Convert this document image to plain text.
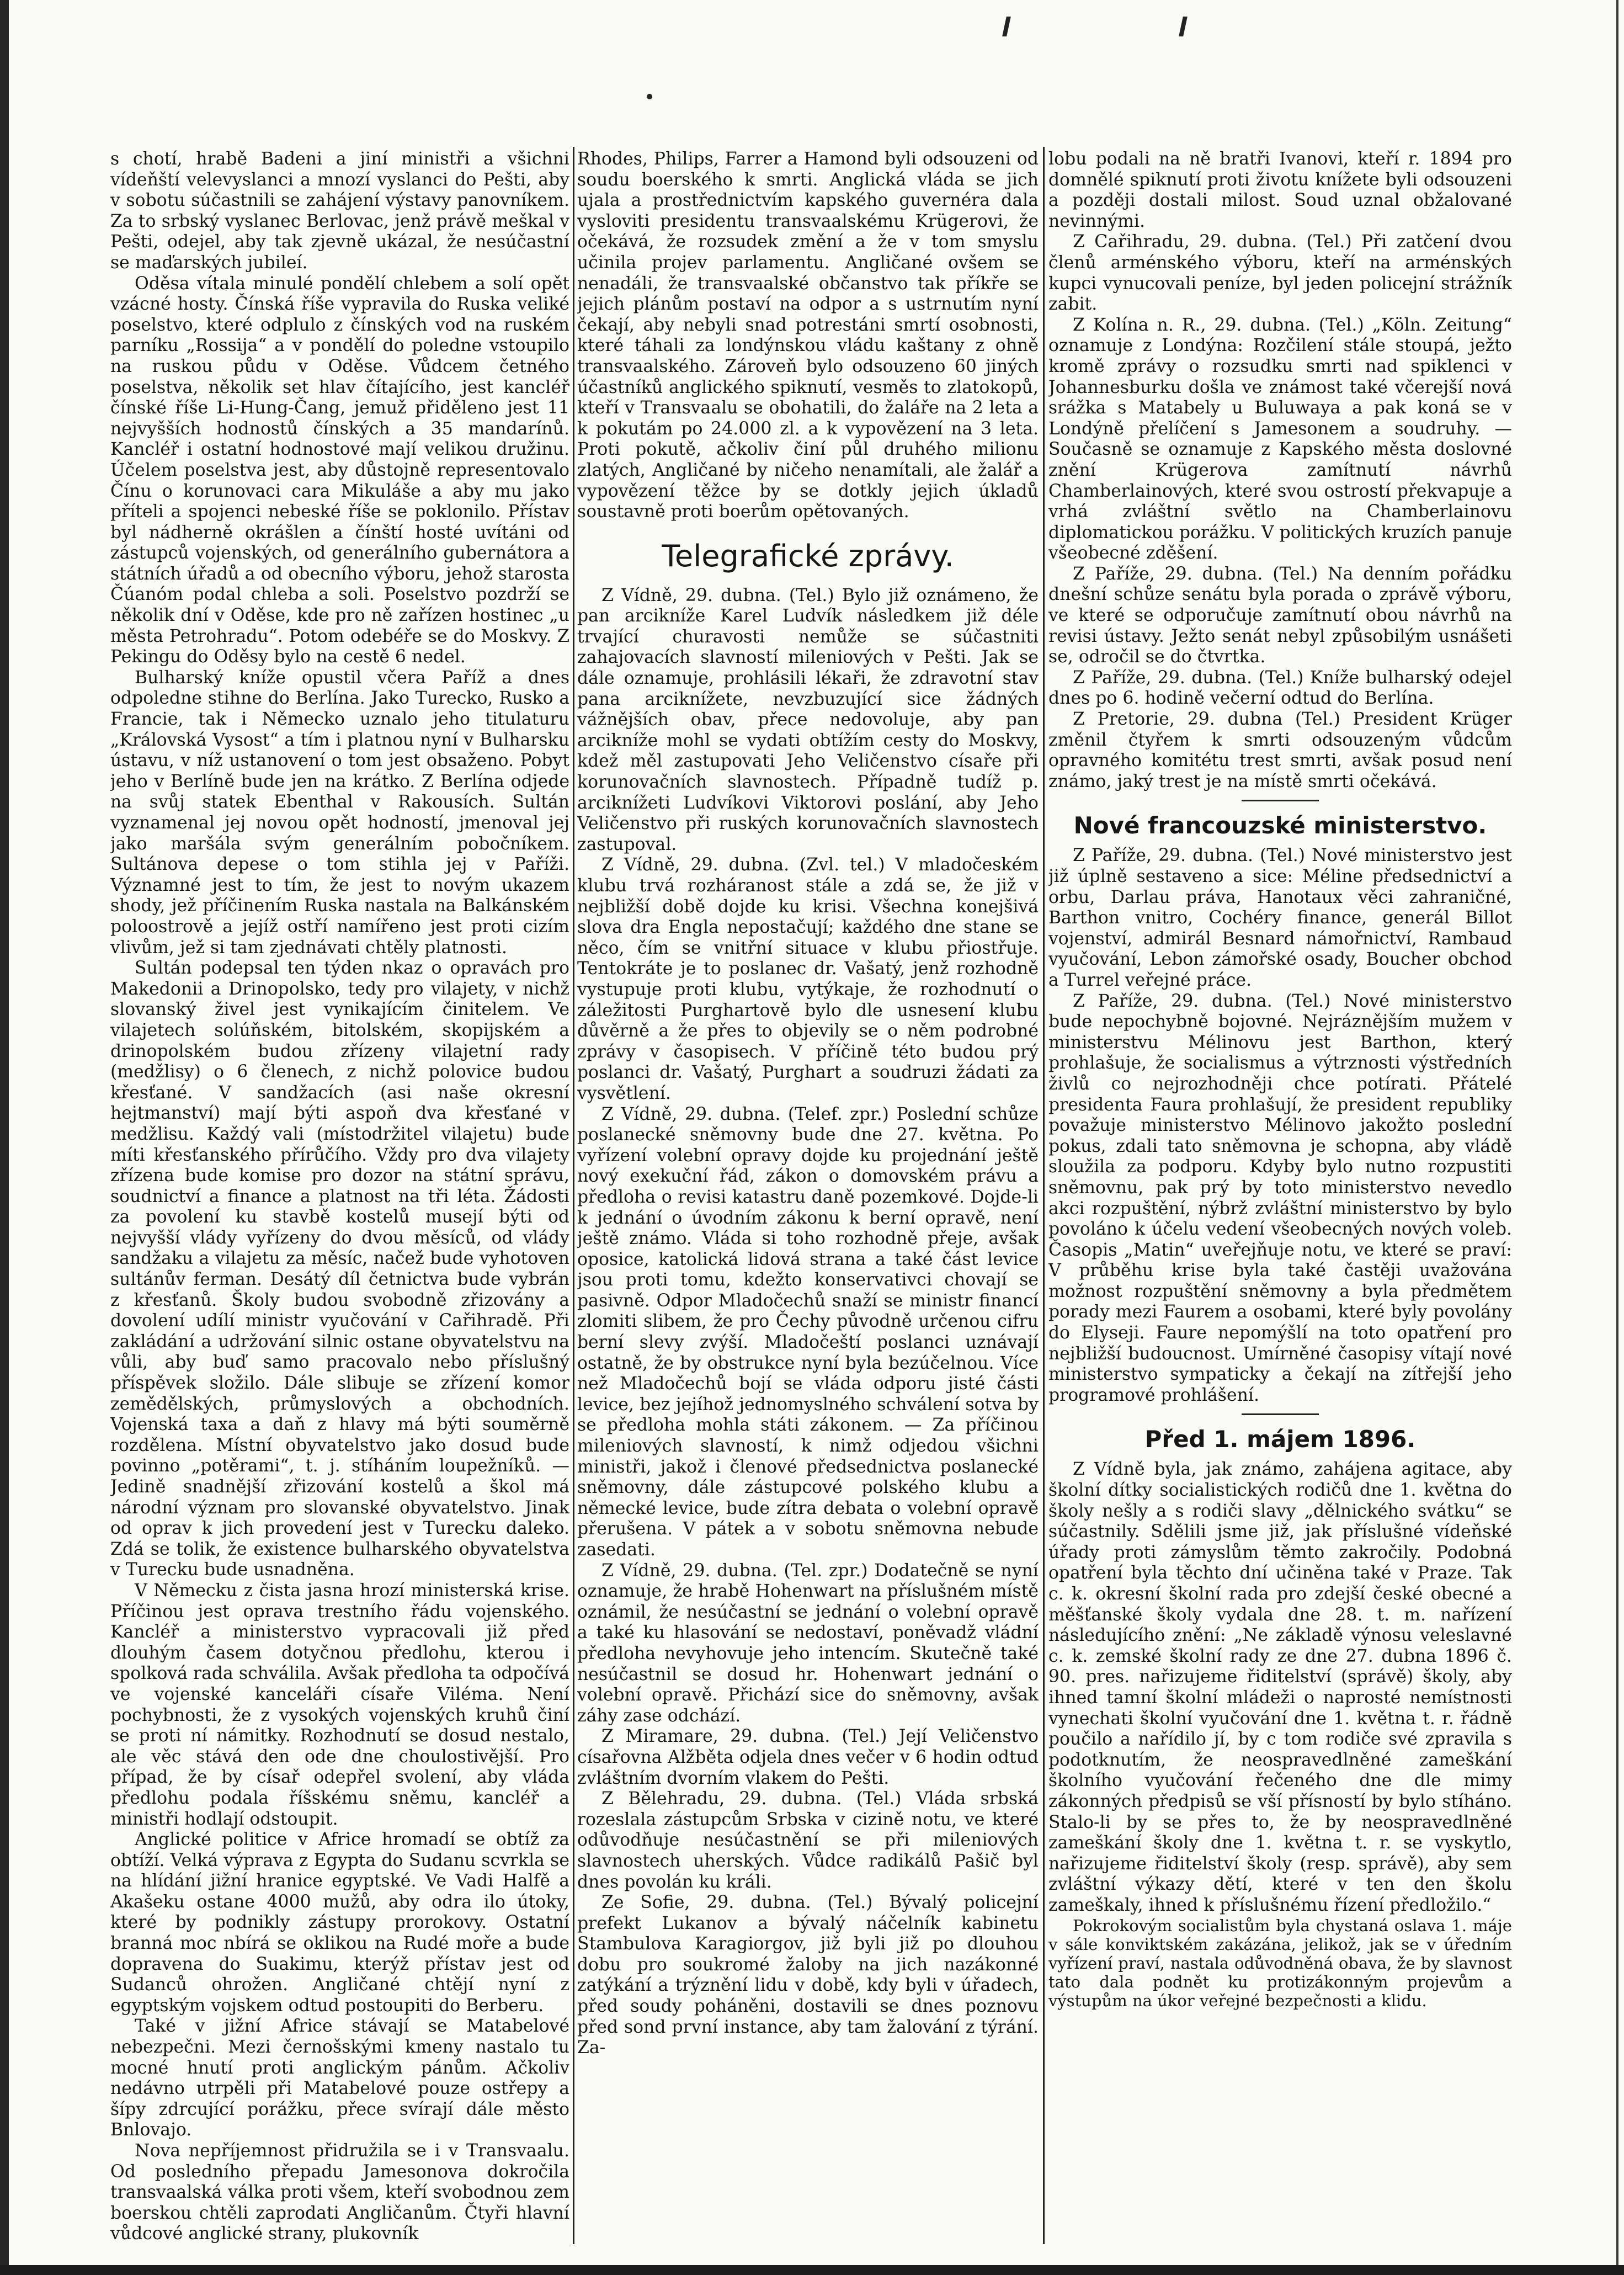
s chotí, hrabě Badeni a jiní ministři a všichni vídeňští velevyslanci a mnozí vyslanci do Pešti, aby v sobotu súčastnili se zahájení výstavy panovníkem. Za to srbský vyslanec Berlovac, jenž právě meškal v Pešti, odejel, aby tak zjevně ukázal, že nesúčastní se maďarských jubileí.

Oděsa vítala minulé pondělí chlebem a solí opět vzácné hosty. Čínská říše vypravila do Ruska veliké poselstvo, které odplulo z čínských vod na ruském parníku „Rossija“ a v pondělí do poledne vstoupilo na ruskou půdu v Oděse. Vůdcem četného poselstva, několik set hlav čítajícího, jest kancléř čínské říše Li-Hung-Čang, jemuž přiděleno jest 11 nejvyšších hodnostů čínských a 35 mandarínů. Kancléř i ostatní hodnostové mají velikou družinu. Účelem poselstva jest, aby důstojně representovalo Čínu o korunovaci cara Mikuláše a aby mu jako příteli a spojenci nebeské říše se poklonilo. Přístav byl nádherně okrášlen a čínští hosté uvítáni od zástupců vojenských, od generálního gubernátora a státních úřadů a od obecního výboru, jehož starosta Čúanóm podal chleba a soli. Poselstvo pozdrží se několik dní v Oděse, kde pro ně zařízen hostinec „u města Petrohradu“. Potom odebéře se do Moskvy. Z Pekingu do Oděsy bylo na cestě 6 nedel.

Bulharský kníže opustil včera Paříž a dnes odpoledne stihne do Berlína. Jako Turecko, Rusko a Francie, tak i Německo uznalo jeho titulaturu „Královská Vysost“ a tím i platnou nyní v Bulharsku ústavu, v níž ustanovení o tom jest obsaženo. Pobyt jeho v Berlíně bude jen na krátko. Z Berlína odjede na svůj statek Ebenthal v Rakousích. Sultán vyznamenal jej novou opět hodností, jmenoval jej jako maršála svým generálním pobočníkem. Sultánova depese o tom stihla jej v Paříži. Významné jest to tím, že jest to novým ukazem shody, jež příčinením Ruska nastala na Balkánském poloostrově a jejíž ostří namířeno jest proti cizím vlivům, jež si tam zjednávati chtěly platnosti.

Sultán podepsal ten týden nkaz o opravách pro Makedonii a Drinopolsko, tedy pro vilajety, v nichž slovanský živel jest vynikajícím činitelem. Ve vilajetech solúňském, bitolském, skopijském a drinopolském budou zřízeny vilajetní rady (medžlisy) o 6 členech, z nichž polovice budou křesťané. V sandžacích (asi naše okresní hejtmanství) mají býti aspoň dva křesťané v medžlisu. Každý vali (místodržitel vilajetu) bude míti křesťanského přírůčího. Vždy pro dva vilajety zřízena bude komise pro dozor na státní správu, soudnictví a finance a platnost na tři léta. Žádosti za povolení ku stavbě kostelů musejí býti od nejvyšší vlády vyřízeny do dvou měsíců, od vlády sandžaku a vilajetu za měsíc, načež bude vyhotoven sultánův ferman. Desátý díl četnictva bude vybrán z křesťanů. Školy budou svobodně zřizovány a dovolení udílí ministr vyučování v Cařihradě. Při zakládání a udržování silnic ostane obyvatelstvu na vůli, aby buď samo pracovalo nebo příslušný příspěvek složilo. Dále slibuje se zřízení komor zemědělských, průmyslových a obchodních. Vojenská taxa a daň z hlavy má býti souměrně rozdělena. Místní obyvatelstvo jako dosud bude povinno „potěrami“, t. j. stíháním loupežníků. — Jedině snadnější zřizování kostelů a škol má národní význam pro slovanské obyvatelstvo. Jinak od oprav k jich provedení jest v Turecku daleko. Zdá se tolik, že existence bulharského obyvatelstva v Turecku bude usnadněna.

V Německu z čista jasna hrozí ministerská krise. Příčinou jest oprava trestního řádu vojenského. Kancléř a ministerstvo vypracovali již před dlouhým časem dotyčnou předlohu, kterou i spolková rada schválila. Avšak předloha ta odpočívá ve vojenské kanceláři císaře Viléma. Není pochybnosti, že z vysokých vojenských kruhů činí se proti ní námitky. Rozhodnutí se dosud nestalo, ale věc stává den ode dne choulostivější. Pro případ, že by císař odepřel svolení, aby vláda předlohu podala říšskému sněmu, kancléř a ministři hodlají odstoupit.

Anglické politice v Africe hromadí se obtíž za obtíží. Velká výprava z Egypta do Sudanu scvrkla se na hlídání jižní hranice egyptské. Ve Vadi Halfě a Akašeku ostane 4000 mužů, aby odra ilo útoky, které by podnikly zástupy prorokovy. Ostatní branná moc nbírá se oklikou na Rudé moře a bude dopravena do Suakimu, kterýž přístav jest od Sudanců ohrožen. Angličané chtějí nyní z egyptským vojskem odtud postoupiti do Berberu.

Také v jižní Africe stávají se Matabelové nebezpečni. Mezi černošskými kmeny nastalo tu mocné hnutí proti anglickým pánům. Ačkoliv nedávno utrpěli při Matabelové pouze ostřepy a šípy zdrcující porážku, přece svírají dále město Bnlovajo.

Nova nepříjemnost přidružila se i v Transvaalu. Od posledního přepadu Jamesonova dokročila transvaalská válka proti všem, kteří svobodnou zem boerskou chtěli zaprodati Angličanům. Čtyři hlavní vůdcové anglické strany, plukovník

Rhodes, Philips, Farrer a Hamond byli odsouzeni od soudu boerského k smrti. Anglická vláda se jich ujala a prostřednictvím kapského guvernéra dala vysloviti presidentu transvaalskému Krügerovi, že očekává, že rozsudek změní a že v tom smyslu učinila projev parlamentu. Angličané ovšem se nenadáli, že transvaalské občanstvo tak příkře se jejich plánům postaví na odpor a s ustrnutím nyní čekají, aby nebyli snad potrestáni smrtí osobnosti, které táhali za londýnskou vládu kaštany z ohně transvaalského. Zároveň bylo odsouzeno 60 jiných účastníků anglického spiknutí, vesměs to zlatokopů, kteří v Transvaalu se obohatili, do žaláře na 2 leta a k pokutám po 24.000 zl. a k vypovězení na 3 leta. Proti pokutě, ačkoliv činí půl druhého milionu zlatých, Angličané by ničeho nenamítali, ale žalář a vypovězení těžce by se dotkly jejich úkladů soustavně proti boerům opětovaných.

Telegrafické zprávy.

Z Vídně, 29. dubna. (Tel.) Bylo již oznámeno, že pan arcikníže Karel Ludvík následkem již déle trvající churavosti nemůže se súčastniti zahajovacích slavností mileniových v Pešti. Jak se dále oznamuje, prohlásili lékaři, že zdravotní stav pana arciknížete, nevzbuzující sice žádných vážnějších obav, přece nedovoluje, aby pan arcikníže mohl se vydati obtížím cesty do Moskvy, kdež měl zastupovati Jeho Veličenstvo císaře při korunovačních slavnostech. Případně tudíž p. arciknížeti Ludvíkovi Viktorovi poslání, aby Jeho Veličenstvo při ruských korunovačních slavnostech zastupoval.

Z Vídně, 29. dubna. (Zvl. tel.) V mladočeském klubu trvá rozháranost stále a zdá se, že již v nejbližší době dojde ku krisi. Všechna konejšivá slova dra Engla nepostačují; každého dne stane se něco, čím se vnitřní situace v klubu přiostřuje. Tentokráte je to poslanec dr. Vašatý, jenž rozhodně vystupuje proti klubu, vytýkaje, že rozhodnutí o záležitosti Purghartově bylo dle usnesení klubu důvěrně a že přes to objevily se o něm podrobné zprávy v časopisech. V příčině této budou prý poslanci dr. Vašatý, Purghart a soudruzi žádati za vysvětlení.

Z Vídně, 29. dubna. (Telef. zpr.) Poslední schůze poslanecké sněmovny bude dne 27. května. Po vyřízení volební opravy dojde ku projednání ještě nový exekuční řád, zákon o domovském právu a předloha o revisi katastru daně pozemkové. Dojde-li k jednání o úvodním zákonu k berní opravě, není ještě známo. Vláda si toho rozhodně přeje, avšak oposice, katolická lidová strana a také část levice jsou proti tomu, kdežto konservativci chovají se pasivně. Odpor Mladočechů snaží se ministr financí zlomiti slibem, že pro Čechy původně určenou cifru berní slevy zvýší. Mladočeští poslanci uznávají ostatně, že by obstrukce nyní byla bezúčelnou. Více než Mladočechů bojí se vláda odporu jisté části levice, bez jejíhož jednomyslného schválení sotva by se předloha mohla státi zákonem. — Za příčinou mileniových slavností, k nimž odjedou všichni ministři, jakož i členové předsednictva poslanecké sněmovny, dále zástupcové polského klubu a německé levice, bude zítra debata o volební opravě přerušena. V pátek a v sobotu sněmovna nebude zasedati.

Z Vídně, 29. dubna. (Tel. zpr.) Dodatečně se nyní oznamuje, že hrabě Hohenwart na příslušném místě oznámil, že nesúčastní se jednání o volební opravě a také ku hlasování se nedostaví, poněvadž vládní předloha nevyhovuje jeho intencím. Skutečně také nesúčastnil se dosud hr. Hohenwart jednání o volební opravě. Přichází sice do sněmovny, avšak záhy zase odchází.

Z Miramare, 29. dubna. (Tel.) Její Veličenstvo císařovna Alžběta odjela dnes večer v 6 hodin odtud zvláštním dvorním vlakem do Pešti.

Z Bělehradu, 29. dubna. (Tel.) Vláda srbská rozeslala zástupcům Srbska v cizině notu, ve které odůvodňuje nesúčastnění se při mileniových slavnostech uherských. Vůdce radikálů Pašič byl dnes povolán ku králi.

Ze Sofie, 29. dubna. (Tel.) Bývalý policejní prefekt Lukanov a bývalý náčelník kabinetu Stambulova Karagiorgov, již byli již po dlouhou dobu pro soukromé žaloby na jich nazákonné zatýkání a trýznění lidu v době, kdy byli v úřadech, před soudy poháněni, dostavili se dnes poznovu před sond první instance, aby tam žalování z týrání. Za-

lobu podali na ně bratři Ivanovi, kteří r. 1894 pro domnělé spiknutí proti životu knížete byli odsouzeni a později dostali milost. Soud uznal obžalované nevinnými.

Z Cařihradu, 29. dubna. (Tel.) Při zatčení dvou členů arménského výboru, kteří na arménských kupci vynucovali peníze, byl jeden policejní strážník zabit.

Z Kolína n. R., 29. dubna. (Tel.) „Köln. Zeitung“ oznamuje z Londýna: Rozčilení stále stoupá, ježto kromě zprávy o rozsudku smrti nad spiklenci v Johannesburku došla ve známost také včerejší nová srážka s Matabely u Buluwaya a pak koná se v Londýně přelíčení s Jamesonem a soudruhy. — Současně se oznamuje z Kapského města doslovné znění Krügerova zamítnutí návrhů Chamberlainových, které svou ostrostí překvapuje a vrhá zvláštní světlo na Chamberlainovu diplomatickou porážku. V politických kruzích panuje všeobecné zděšení.

Z Paříže, 29. dubna. (Tel.) Na denním pořádku dnešní schůze senátu byla porada o zprávě výboru, ve které se odporučuje zamítnutí obou návrhů na revisi ústavy. Ježto senát nebyl způsobilým usnášeti se, odročil se do čtvrtka.

Z Paříže, 29. dubna. (Tel.) Kníže bulharský odejel dnes po 6. hodině večerní odtud do Berlína.

Z Pretorie, 29. dubna (Tel.) President Krüger změnil čtyřem k smrti odsouzeným vůdcům opravného komitétu trest smrti, avšak posud není známo, jaký trest je na místě smrti očekává.

Nové francouzské ministerstvo.

Z Paříže, 29. dubna. (Tel.) Nové ministerstvo jest již úplně sestaveno a sice: Méline předsednictví a orbu, Darlau práva, Hanotaux věci zahraničné, Barthon vnitro, Cochéry finance, generál Billot vojenství, admirál Besnard námořnictví, Rambaud vyučování, Lebon zámořské osady, Boucher obchod a Turrel veřejné práce.

Z Paříže, 29. dubna. (Tel.) Nové ministerstvo bude nepochybně bojovné. Nejráznějším mužem v ministerstvu Mélinovu jest Barthon, který prohlašuje, že socialismus a výtrznosti výstředních živlů co nejrozhodněji chce potírati. Přátelé presidenta Faura prohlašují, že president republiky považuje ministerstvo Mélinovo jakožto poslední pokus, zdali tato sněmovna je schopna, aby vládě sloužila za podporu. Kdyby bylo nutno rozpustiti sněmovnu, pak prý by toto ministerstvo nevedlo akci rozpuštění, nýbrž zvláštní ministerstvo by bylo povoláno k účelu vedení všeobecných nových voleb. Časopis „Matin“ uveřejňuje notu, ve které se praví: V průběhu krise byla také častěji uvažována možnost rozpuštění sněmovny a byla předmětem porady mezi Faurem a osobami, které byly povolány do Elyseji. Faure nepomýšlí na toto opatření pro nejbližší budoucnost. Umírněné časopisy vítají nové ministerstvo sympaticky a čekají na zítřejší jeho programové prohlášení.

Před 1. májem 1896.

Z Vídně byla, jak známo, zahájena agitace, aby školní dítky socialistických rodičů dne 1. května do školy nešly a s rodiči slavy „dělnického svátku“ se súčastnily. Sdělili jsme již, jak příslušné vídeňské úřady proti zámyslům těmto zakročily. Podobná opatření byla těchto dní učiněna také v Praze. Tak c. k. okresní školní rada pro zdejší české obecné a měšťanské školy vydala dne 28. t. m. nařízení následujícího znění: „Ne základě výnosu veleslavné c. k. zemské školní rady ze dne 27. dubna 1896 č. 90. pres. nařizujeme řiditelství (správě) školy, aby ihned tamní školní mládeži o naprosté nemístnosti vynechati školní vyučování dne 1. května t. r. řádně poučilo a nařídilo jí, by c tom rodiče své zpravila s podotknutím, že neospravedlněné zameškání školního vyučování řečeného dne dle mimy zákonných předpisů se vší přísností by bylo stíháno. Stalo-li by se přes to, že by neospravedlněné zameškání školy dne 1. května t. r. se vyskytlo, nařizujeme řiditelství školy (resp. správě), aby sem zvláštní výkazy dětí, které v ten den školu zameškaly, ihned k příslušnému řízení předložilo.“

Pokrokovým socialistům byla chystaná oslava 1. máje v sále konviktském zakázána, jelikož, jak se v úředním vyřízení praví, nastala odůvodněná obava, že by slavnost tato dala podnět ku protizákonným projevům a výstupům na úkor veřejné bezpečnosti a klidu.
